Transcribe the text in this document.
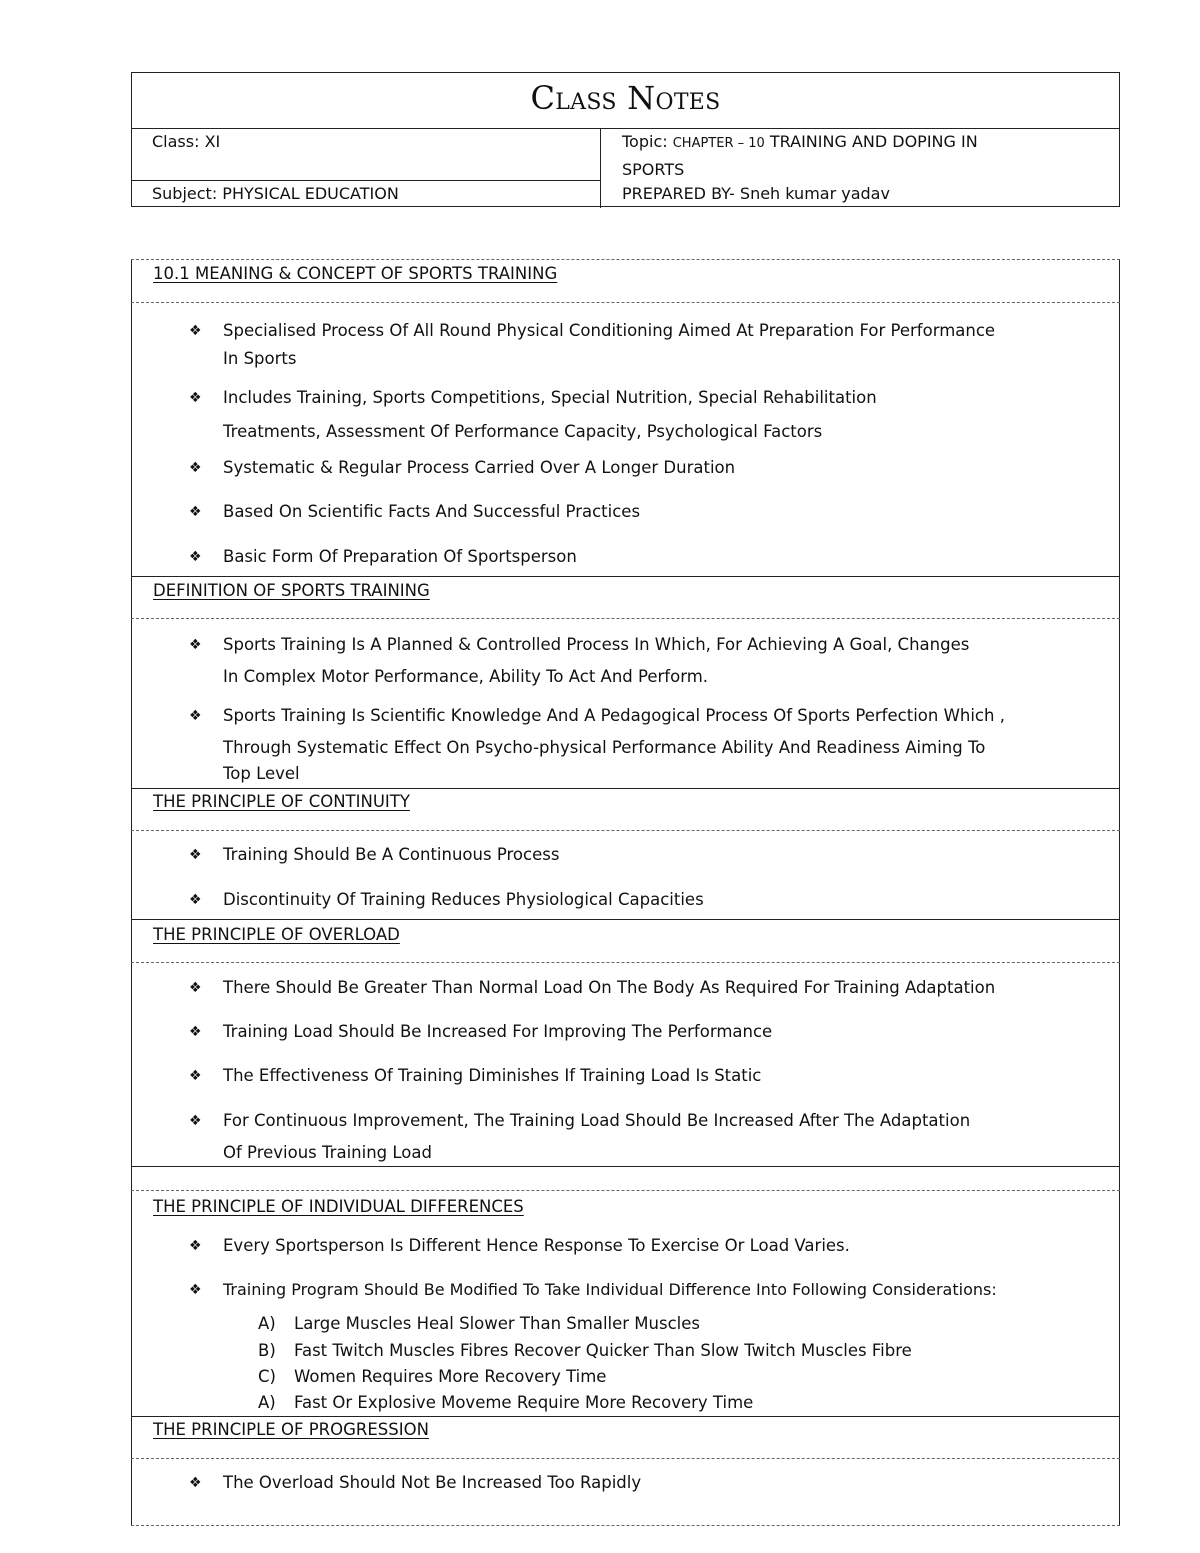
Class Notes
Class: XI	Topic: CHAPTER – 10 TRAINING AND DOPING IN
SPORTS
Subject: PHYSICAL EDUCATION	PREPARED BY- Sneh kumar yadav
10.1 MEANING & CONCEPT OF SPORTS TRAINING
❖	Specialised Process Of All Round Physical Conditioning Aimed At Preparation For Performance
In Sports
❖	Includes Training, Sports Competitions, Special Nutrition, Special Rehabilitation
Treatments, Assessment Of Performance Capacity, Psychological Factors
❖	Systematic & Regular Process Carried Over A Longer Duration
❖	Based On Scientific Facts And Successful Practices
❖	Basic Form Of Preparation Of Sportsperson
DEFINITION OF SPORTS TRAINING
❖	Sports Training Is A Planned & Controlled Process In Which, For Achieving A Goal, Changes
In Complex Motor Performance, Ability To Act And Perform.
❖	Sports Training Is Scientific Knowledge And A Pedagogical Process Of Sports Perfection Which ,
Through Systematic Effect On Psycho-physical Performance Ability And Readiness Aiming To
Top Level
THE PRINCIPLE OF CONTINUITY
❖	Training Should Be A Continuous Process
❖	Discontinuity Of Training Reduces Physiological Capacities
THE PRINCIPLE OF OVERLOAD
❖	There Should Be Greater Than Normal Load On The Body As Required For Training Adaptation
❖	Training Load Should Be Increased For Improving The Performance
❖	The Effectiveness Of Training Diminishes If Training Load Is Static
❖	For Continuous Improvement, The Training Load Should Be Increased After The Adaptation
Of Previous Training Load
THE PRINCIPLE OF INDIVIDUAL DIFFERENCES
❖	Every Sportsperson Is Different Hence Response To Exercise Or Load Varies.
❖	Training Program Should Be Modified To Take Individual Difference Into Following Considerations:
A) Large Muscles Heal Slower Than Smaller Muscles
B) Fast Twitch Muscles Fibres Recover Quicker Than Slow Twitch Muscles Fibre
C) Women Requires More Recovery Time
A) Fast Or Explosive Moveme Require More Recovery Time
THE PRINCIPLE OF PROGRESSION
❖	The Overload Should Not Be Increased Too Rapidly
